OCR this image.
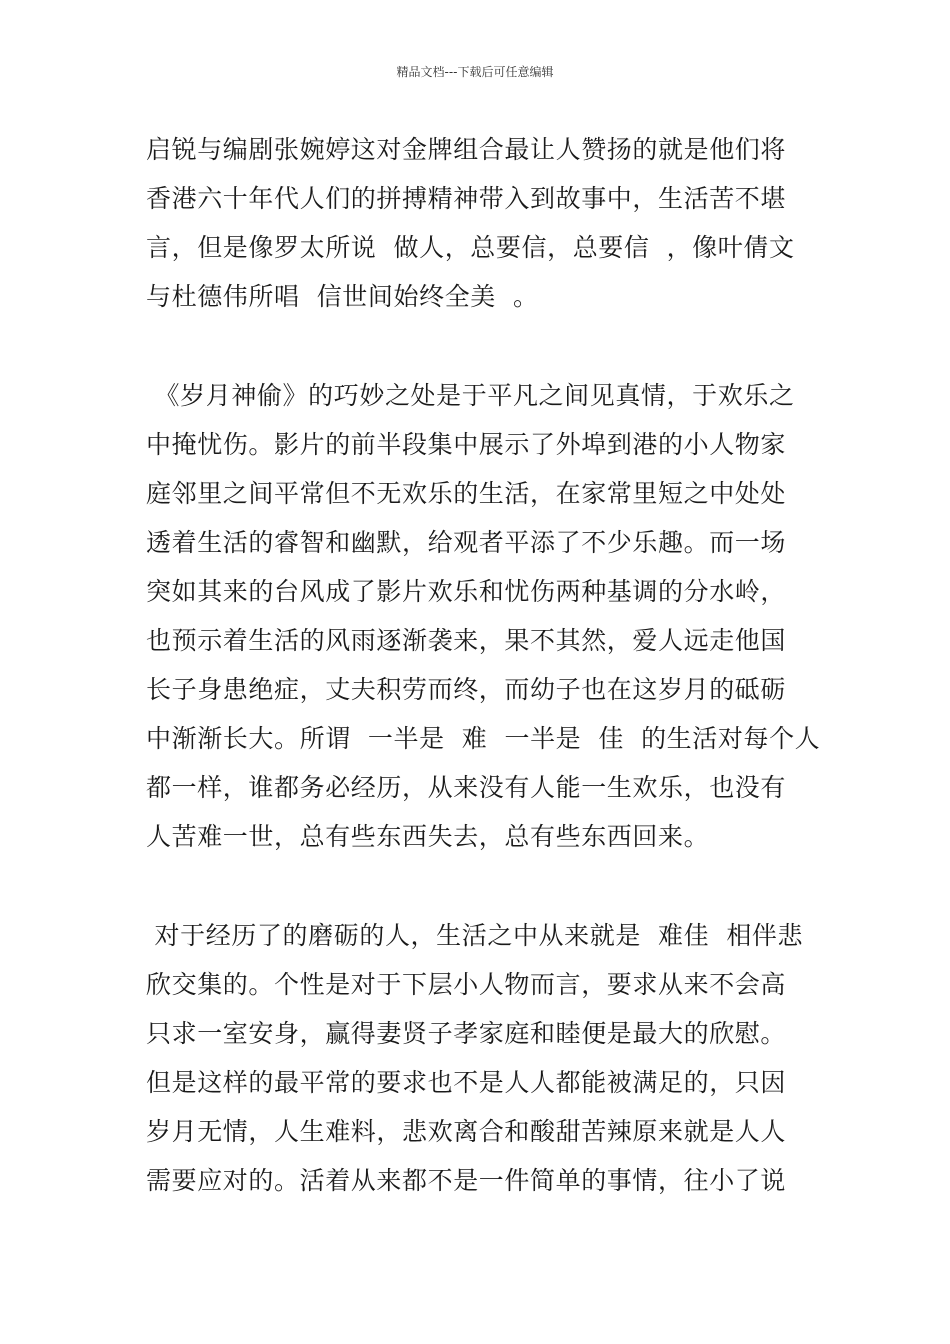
精品文档---下载后可任意编辑
启锐与编剧张婉婷这对金牌组合最让人赞扬的就是他们将
香港六十年代人们的拼搏精神带入到故事中，生活苦不堪
言，但是像罗太所说  做人，总要信，总要信  ，像叶倩文
与杜德伟所唱  信世间始终全美  。
《岁月神偷》的巧妙之处是于平凡之间见真情，于欢乐之
中掩忧伤。影片的前半段集中展示了外埠到港的小人物家
庭邻里之间平常但不无欢乐的生活，在家常里短之中处处
透着生活的睿智和幽默，给观者平添了不少乐趣。而一场
突如其来的台风成了影片欢乐和忧伤两种基调的分水岭，
也预示着生活的风雨逐渐袭来，果不其然，爱人远走他国
长子身患绝症，丈夫积劳而终，而幼子也在这岁月的砥砺
中渐渐长大。所谓  一半是  难  一半是  佳  的生活对每个人
都一样，谁都务必经历，从来没有人能一生欢乐，也没有
人苦难一世，总有些东西失去，总有些东西回来。
对于经历了的磨砺的人，生活之中从来就是  难佳  相伴悲
欣交集的。个性是对于下层小人物而言，要求从来不会高
只求一室安身，赢得妻贤子孝家庭和睦便是最大的欣慰。
但是这样的最平常的要求也不是人人都能被满足的，只因
岁月无情，人生难料，悲欢离合和酸甜苦辣原来就是人人
需要应对的。活着从来都不是一件简单的事情，往小了说
